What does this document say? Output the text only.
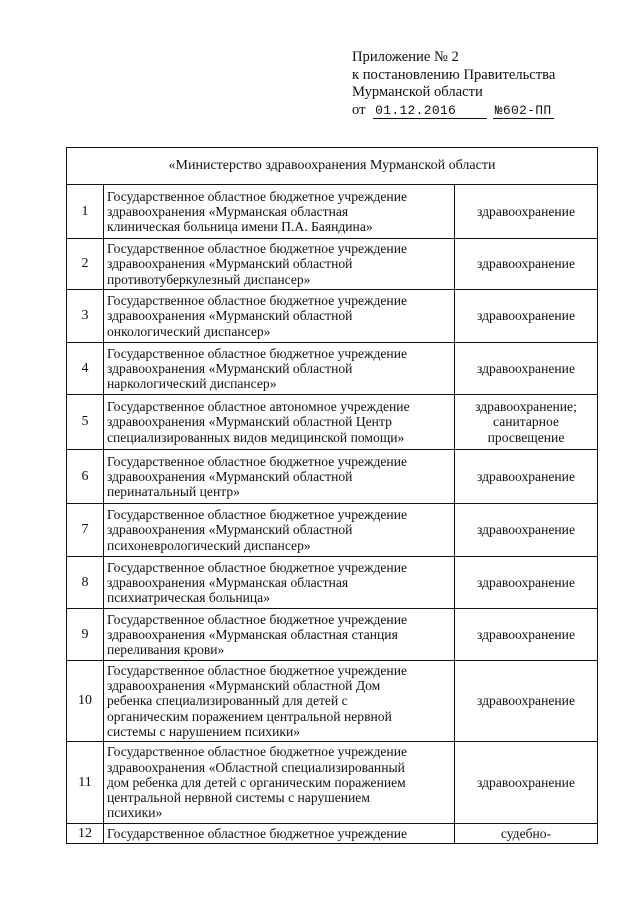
Приложение № 2
к постановлению Правительства
Мурманской области
от 01.12.2016	№602-ПП
«Министерство здравоохранения Мурманской области		
1	Государственное областное бюджетное учреждение
здравоохранения «Мурманская областная
клиническая больница имени П.А. Баяндина»	здравоохранение

2	Государственное областное бюджетное учреждение
здравоохранения «Мурманский областной
противотуберкулезный диспансер»	здравоохранение

3	Государственное областное бюджетное учреждение
здравоохранения «Мурманский областной
онкологический диспансер»	здравоохранение

4	Государственное областное бюджетное учреждение
здравоохранения «Мурманский областной
наркологический диспансер»	здравоохранение

5	Государственное областное автономное учреждение
здравоохранения «Мурманский областной Центр
специализированных видов медицинской помощи»	здравоохранение;
санитарное
просвещение

6	Государственное областное бюджетное учреждение
здравоохранения «Мурманский областной
перинатальный центр»	здравоохранение

7	Государственное областное бюджетное учреждение
здравоохранения «Мурманский областной
психоневрологический диспансер»	здравоохранение

8	Государственное областное бюджетное учреждение
здравоохранения «Мурманская областная
психиатрическая больница»	здравоохранение

9	Государственное областное бюджетное учреждение
здравоохранения «Мурманская областная станция
переливания крови»	здравоохранение

10	Государственное областное бюджетное учреждение
здравоохранения «Мурманский областной Дом
ребенка специализированный для детей с
органическим поражением центральной нервной
системы с нарушением психики»	здравоохранение

11	Государственное областное бюджетное учреждение
здравоохранения «Областной специализированный
дом ребенка для детей с органическим поражением
центральной нервной системы с нарушением
психики»	здравоохранение

12	Государственное областное бюджетное учреждение	судебно-
